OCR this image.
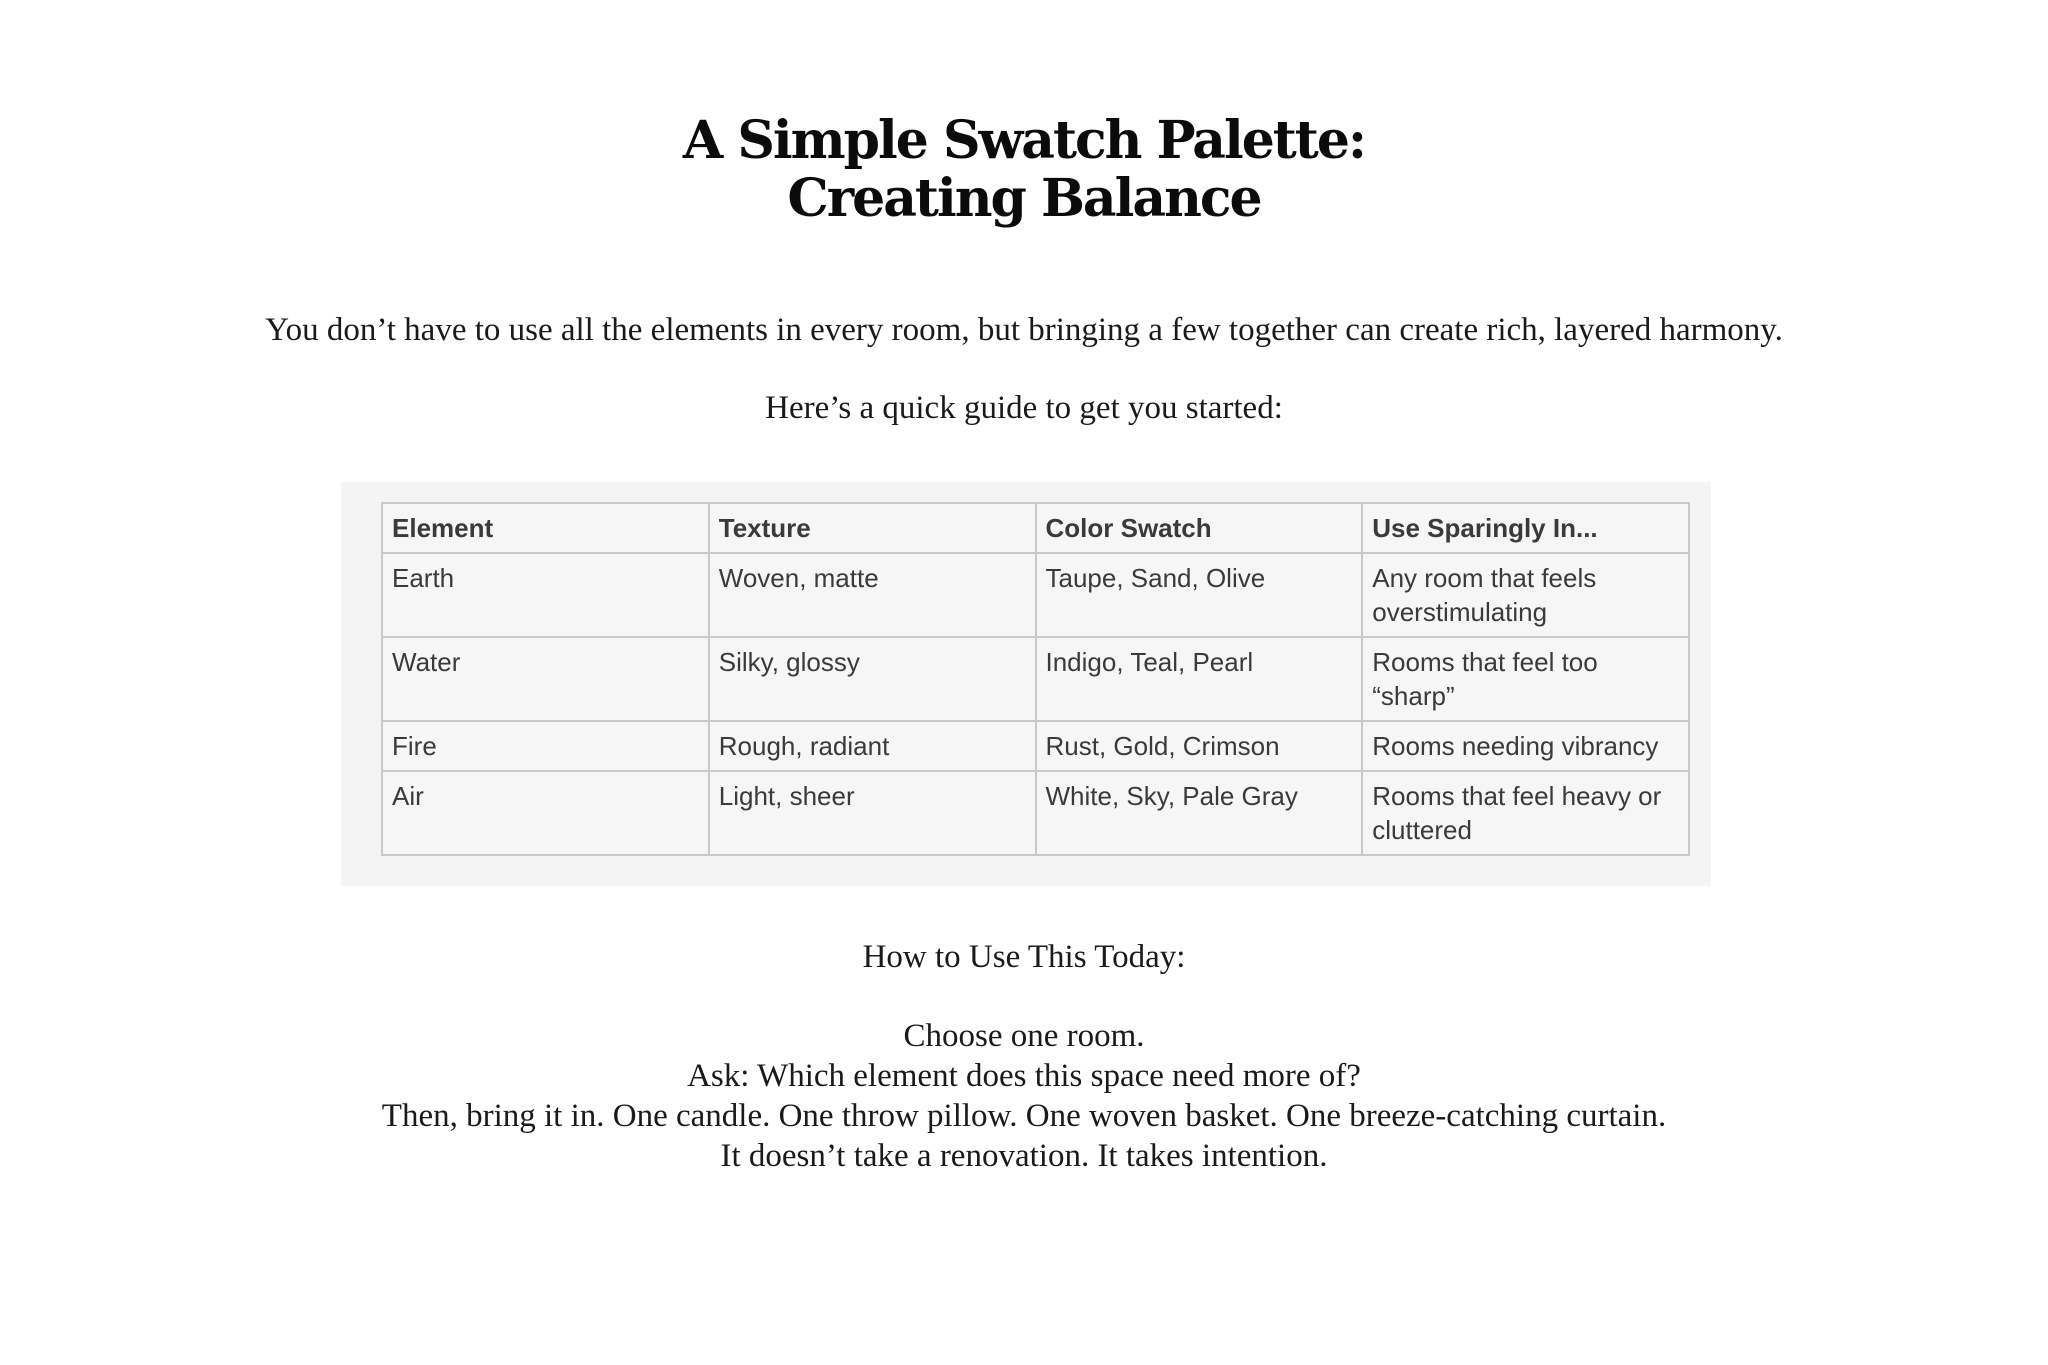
A Simple Swatch Palette:
Creating Balance

You don’t have to use all the elements in every room, but bringing a few together can create rich, layered harmony.

Here’s a quick guide to get you started:

Element	Texture	Color Swatch	Use Sparingly In...
Earth	Woven, matte	Taupe, Sand, Olive	Any room that feels overstimulating
Water	Silky, glossy	Indigo, Teal, Pearl	Rooms that feel too “sharp”
Fire	Rough, radiant	Rust, Gold, Crimson	Rooms needing vibrancy
Air	Light, sheer	White, Sky, Pale Gray	Rooms that feel heavy or cluttered

How to Use This Today:

Choose one room.
Ask: Which element does this space need more of?
Then, bring it in. One candle. One throw pillow. One woven basket. One breeze-catching curtain.
It doesn’t take a renovation. It takes intention.
